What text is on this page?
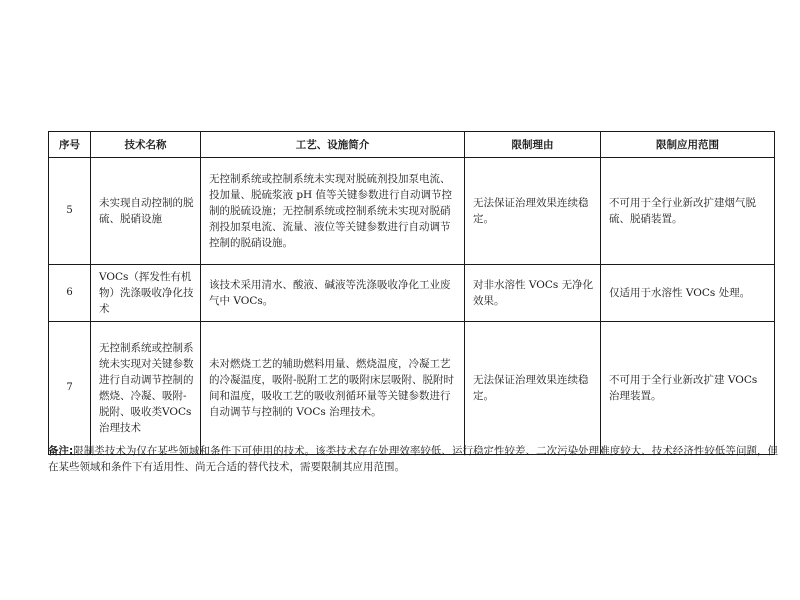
序号	技术名称	工艺、设施简介	限制理由	限制应用范围
5	未实现自动控制的脱硫、脱硝设施	无控制系统或控制系统未实现对脱硫剂投加泵电流、投加量、脱硫浆液 pH 值等关键参数进行自动调节控制的脱硫设施；无控制系统或控制系统未实现对脱硝剂投加泵电流、流量、液位等关键参数进行自动调节控制的脱硝设施。	无法保证治理效果连续稳定。	不可用于全行业新改扩建烟气脱硫、脱硝装置。

6	VOCs（挥发性有机物）洗涤吸收净化技术	该技术采用清水、酸液、碱液等洗涤吸收净化工业废气中 VOCs。	对非水溶性 VOCs 无净化效果。	仅适用于水溶性 VOCs 处理。

7	无控制系统或控制系统未实现对关键参数进行自动调节控制的燃烧、冷凝、吸附-脱附、吸收类VOCs 治理技术	未对燃烧工艺的辅助燃料用量、燃烧温度，冷凝工艺的冷凝温度，吸附-脱附工艺的吸附床层吸附、脱附时间和温度，吸收工艺的吸收剂循环量等关键参数进行自动调节与控制的 VOCs 治理技术。	无法保证治理效果连续稳定。	不可用于全行业新改扩建 VOCs 治理装置。
备注:限制类技术为仅在某些领域和条件下可使用的技术。该类技术存在处理效率较低、运行稳定性较差、二次污染处理难度较大、技术经济性较低等问题，但在某些领域和条件下有适用性、尚无合适的替代技术，需要限制其应用范围。
